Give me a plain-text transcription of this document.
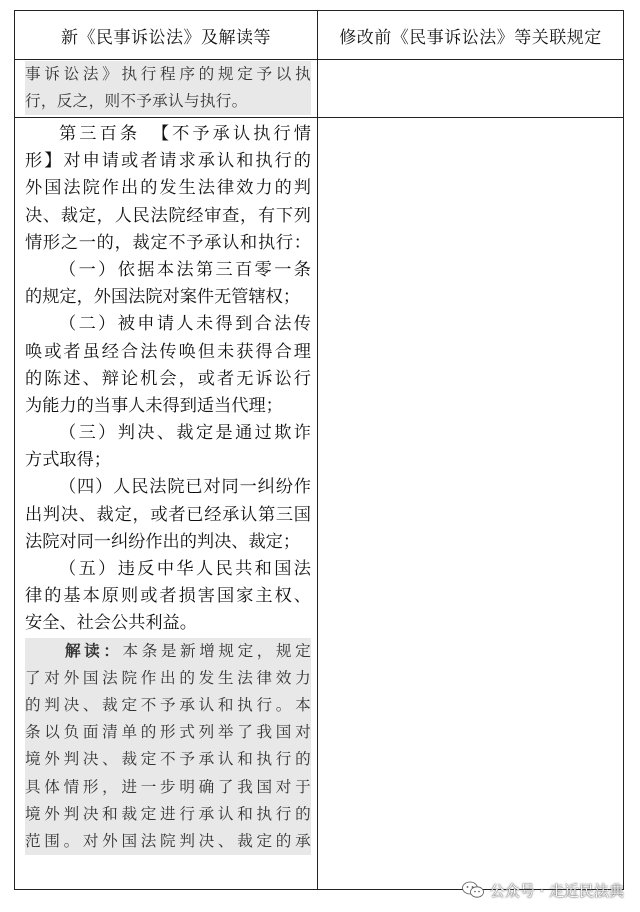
新《民事诉讼法》及解读等	修改前《民事诉讼法》等关联规定
事诉讼法》执行程序的规定予以执
行，反之，则不予承认与执行。
第三百条　【不予承认执行情
形】对申请或者请求承认和执行的
外国法院作出的发生法律效力的判
决、裁定，人民法院经审查，有下列
情形之一的，裁定不予承认和执行：
（一）依据本法第三百零一条
的规定，外国法院对案件无管辖权；
（二）被申请人未得到合法传
唤或者虽经合法传唤但未获得合理
的陈述、辩论机会，或者无诉讼行
为能力的当事人未得到适当代理；
（三）判决、裁定是通过欺诈
方式取得；
（四）人民法院已对同一纠纷作
出判决、裁定，或者已经承认第三国
法院对同一纠纷作出的判决、裁定；
（五）违反中华人民共和国法
律的基本原则或者损害国家主权、
安全、社会公共利益。
解读：本条是新增规定，规定
了对外国法院作出的发生法律效力
的判决、裁定不予承认和执行。本
条以负面清单的形式列举了我国对
境外判决、裁定不予承认和执行的
具体情形，进一步明确了我国对于
境外判决和裁定进行承认和执行的
范围。对外国法院判决、裁定的承
公众号 · 走近民法典
